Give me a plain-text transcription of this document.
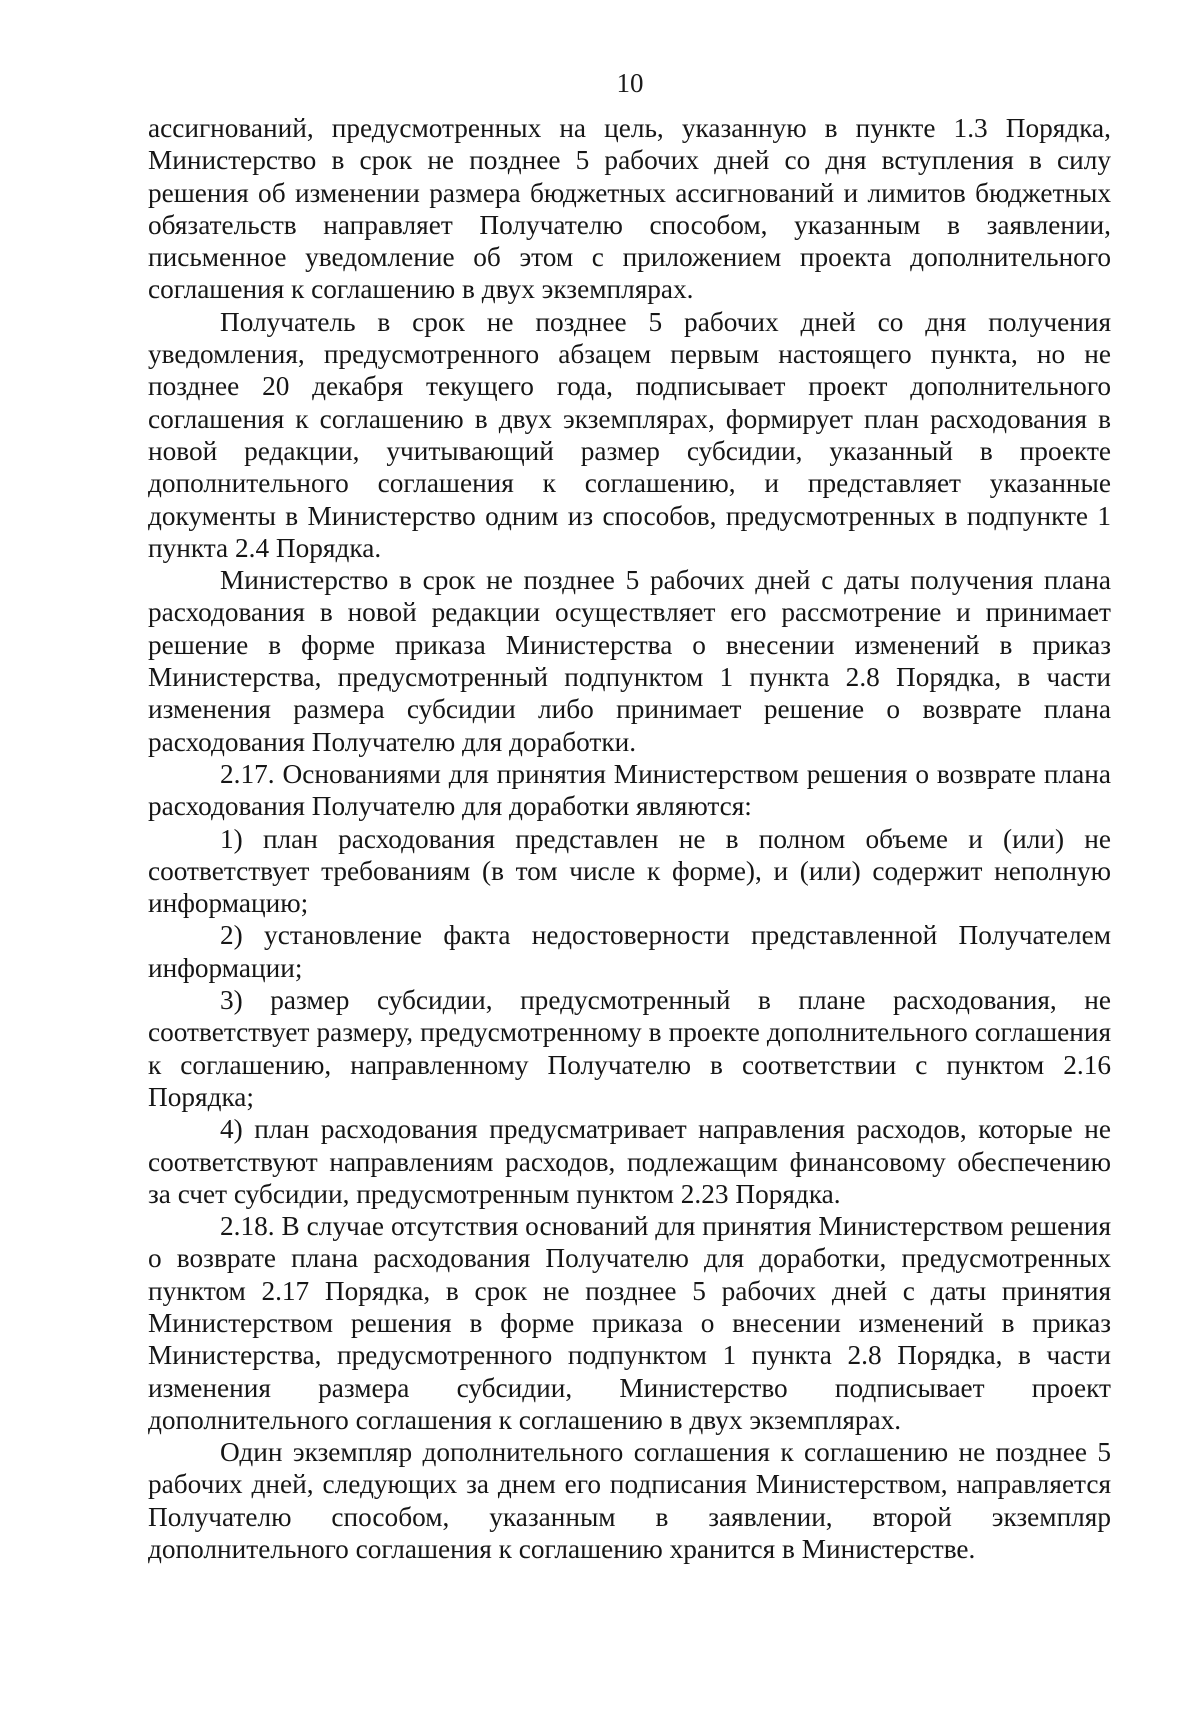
10

ассигнований, предусмотренных на цель, указанную в пункте 1.3 Порядка, Министерство в срок не позднее 5 рабочих дней со дня вступления в силу решения об изменении размера бюджетных ассигнований и лимитов бюджетных обязательств направляет Получателю способом, указанным в заявлении, письменное уведомление об этом с приложением проекта дополнительного соглашения к соглашению в двух экземплярах.

Получатель в срок не позднее 5 рабочих дней со дня получения уведомления, предусмотренного абзацем первым настоящего пункта, но не позднее 20 декабря текущего года, подписывает проект дополнительного соглашения к соглашению в двух экземплярах, формирует план расходования в новой редакции, учитывающий размер субсидии, указанный в проекте дополнительного соглашения к соглашению, и представляет указанные документы в Министерство одним из способов, предусмотренных в подпункте 1 пункта 2.4 Порядка.

Министерство в срок не позднее 5 рабочих дней с даты получения плана расходования в новой редакции осуществляет его рассмотрение и принимает решение в форме приказа Министерства о внесении изменений в приказ Министерства, предусмотренный подпунктом 1 пункта 2.8 Порядка, в части изменения размера субсидии либо принимает решение о возврате плана расходования Получателю для доработки.

2.17. Основаниями для принятия Министерством решения о возврате плана расходования Получателю для доработки являются:

1) план расходования представлен не в полном объеме и (или) не соответствует требованиям (в том числе к форме), и (или) содержит неполную информацию;

2) установление факта недостоверности представленной Получателем информации;

3) размер субсидии, предусмотренный в плане расходования, не соответствует размеру, предусмотренному в проекте дополнительного соглашения к соглашению, направленному Получателю в соответствии с пунктом 2.16 Порядка;

4) план расходования предусматривает направления расходов, которые не соответствуют направлениям расходов, подлежащим финансовому обеспечению за счет субсидии, предусмотренным пунктом 2.23 Порядка.

2.18. В случае отсутствия оснований для принятия Министерством решения о возврате плана расходования Получателю для доработки, предусмотренных пунктом 2.17 Порядка, в срок не позднее 5 рабочих дней с даты принятия Министерством решения в форме приказа о внесении изменений в приказ Министерства, предусмотренного подпунктом 1 пункта 2.8 Порядка, в части изменения размера субсидии, Министерство подписывает проект дополнительного соглашения к соглашению в двух экземплярах.

Один экземпляр дополнительного соглашения к соглашению не позднее 5 рабочих дней, следующих за днем его подписания Министерством, направляется Получателю способом, указанным в заявлении, второй экземпляр дополнительного соглашения к соглашению хранится в Министерстве.
